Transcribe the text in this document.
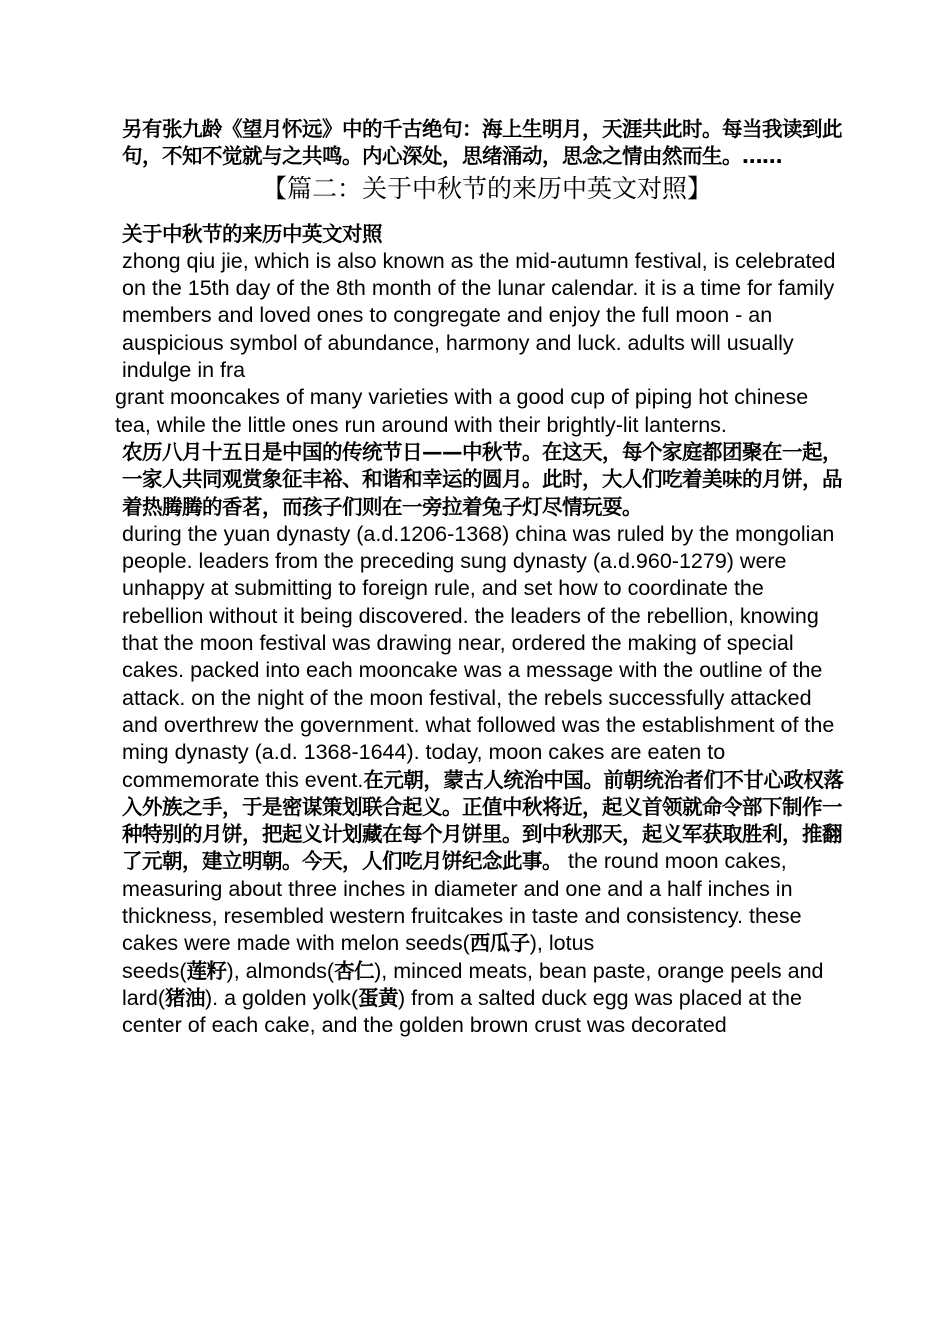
另有张九龄《望月怀远》中的千古绝句：海上生明月，天涯共此时。每当我读到此句，不知不觉就与之共鸣。内心深处，思绪涌动，思念之情由然而生。……

【篇二：关于中秋节的来历中英文对照】

关于中秋节的来历中英文对照

zhong qiu jie, which is also known as the mid-autumn festival, is celebrated on the 15th day of the 8th month of the lunar calendar. it is a time for family members and loved ones to congregate and enjoy the full moon - an auspicious symbol of abundance, harmony and luck. adults will usually indulge in fra

grant mooncakes of many varieties with a good cup of piping hot chinese tea, while the little ones run around with their brightly-lit lanterns.

农历八月十五日是中国的传统节日——中秋节。在这天，每个家庭都团聚在一起，一家人共同观赏象征丰裕、和谐和幸运的圆月。此时，大人们吃着美味的月饼，品着热腾腾的香茗，而孩子们则在一旁拉着兔子灯尽情玩耍。

during the yuan dynasty (a.d.1206-1368) china was ruled by the mongolian people. leaders from the preceding sung dynasty (a.d.960-1279) were unhappy at submitting to foreign rule, and set how to coordinate the rebellion without it being discovered. the leaders of the rebellion, knowing that the moon festival was drawing near, ordered the making of special cakes. packed into each mooncake was a message with the outline of the attack. on the night of the moon festival, the rebels successfully attacked and overthrew the government. what followed was the establishment of the ming dynasty (a.d. 1368-1644). today, moon cakes are eaten to commemorate this event.在元朝，蒙古人统治中国。前朝统治者们不甘心政权落入外族之手，于是密谋策划联合起义。正值中秋将近，起义首领就命令部下制作一种特别的月饼，把起义计划藏在每个月饼里。到中秋那天，起义军获取胜利，推翻了元朝，建立明朝。今天，人们吃月饼纪念此事。 the round moon cakes, measuring about three inches in diameter and one and a half inches in thickness, resembled western fruitcakes in taste and consistency. these cakes were made with melon seeds(西瓜子), lotus

seeds(莲籽), almonds(杏仁), minced meats, bean paste, orange peels and lard(猪油). a golden yolk(蛋黄) from a salted duck egg was placed at the

center of each cake, and the golden brown crust was decorated
